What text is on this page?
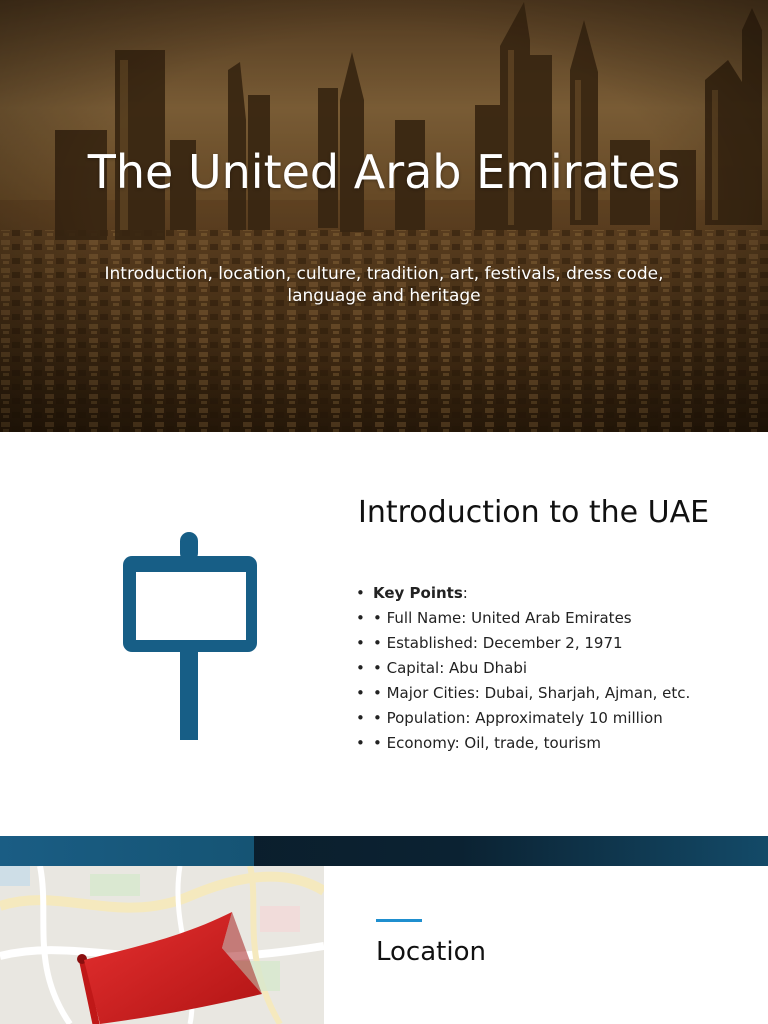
The United Arab Emirates

Introduction, location, culture, tradition, art, festivals, dress code, language and heritage

Introduction to the UAE
• Key Points:
• • Full Name: United Arab Emirates
• • Established: December 2, 1971
• • Capital: Abu Dhabi
• • Major Cities: Dubai, Sharjah, Ajman, etc.
• • Population: Approximately 10 million
• • Economy: Oil, trade, tourism
Location
